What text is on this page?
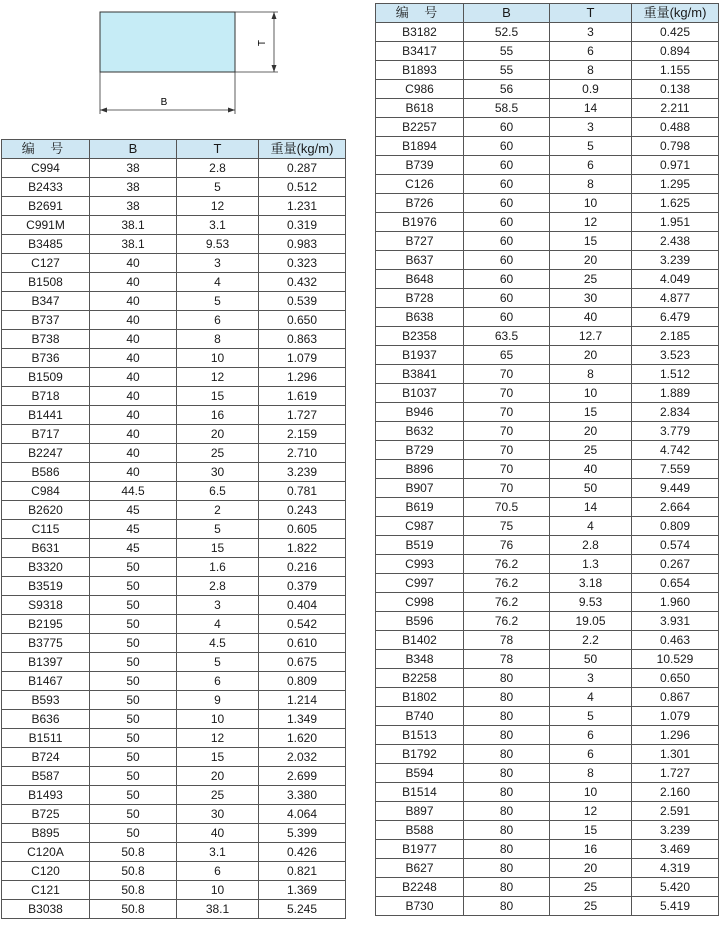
T
B
编 号	B	T	重量(kg/m)
C994	38	2.8	0.287
B2433	38	5	0.512
B2691	38	12	1.231
C991M	38.1	3.1	0.319
B3485	38.1	9.53	0.983
C127	40	3	0.323
B1508	40	4	0.432
B347	40	5	0.539
B737	40	6	0.650
B738	40	8	0.863
B736	40	10	1.079
B1509	40	12	1.296
B718	40	15	1.619
B1441	40	16	1.727
B717	40	20	2.159
B2247	40	25	2.710
B586	40	30	3.239
C984	44.5	6.5	0.781
B2620	45	2	0.243
C115	45	5	0.605
B631	45	15	1.822
B3320	50	1.6	0.216
B3519	50	2.8	0.379
S9318	50	3	0.404
B2195	50	4	0.542
B3775	50	4.5	0.610
B1397	50	5	0.675
B1467	50	6	0.809
B593	50	9	1.214
B636	50	10	1.349
B1511	50	12	1.620
B724	50	15	2.032
B587	50	20	2.699
B1493	50	25	3.380
B725	50	30	4.064
B895	50	40	5.399
C120A	50.8	3.1	0.426
C120	50.8	6	0.821
C121	50.8	10	1.369
B3038	50.8	38.1	5.245
编 号	B	T	重量(kg/m)
B3182	52.5	3	0.425
B3417	55	6	0.894
B1893	55	8	1.155
C986	56	0.9	0.138
B618	58.5	14	2.211
B2257	60	3	0.488
B1894	60	5	0.798
B739	60	6	0.971
C126	60	8	1.295
B726	60	10	1.625
B1976	60	12	1.951
B727	60	15	2.438
B637	60	20	3.239
B648	60	25	4.049
B728	60	30	4.877
B638	60	40	6.479
B2358	63.5	12.7	2.185
B1937	65	20	3.523
B3841	70	8	1.512
B1037	70	10	1.889
B946	70	15	2.834
B632	70	20	3.779
B729	70	25	4.742
B896	70	40	7.559
B907	70	50	9.449
B619	70.5	14	2.664
C987	75	4	0.809
B519	76	2.8	0.574
C993	76.2	1.3	0.267
C997	76.2	3.18	0.654
C998	76.2	9.53	1.960
B596	76.2	19.05	3.931
B1402	78	2.2	0.463
B348	78	50	10.529
B2258	80	3	0.650
B1802	80	4	0.867
B740	80	5	1.079
B1513	80	6	1.296
B1792	80	6	1.301
B594	80	8	1.727
B1514	80	10	2.160
B897	80	12	2.591
B588	80	15	3.239
B1977	80	16	3.469
B627	80	20	4.319
B2248	80	25	5.420
B730	80	25	5.419
